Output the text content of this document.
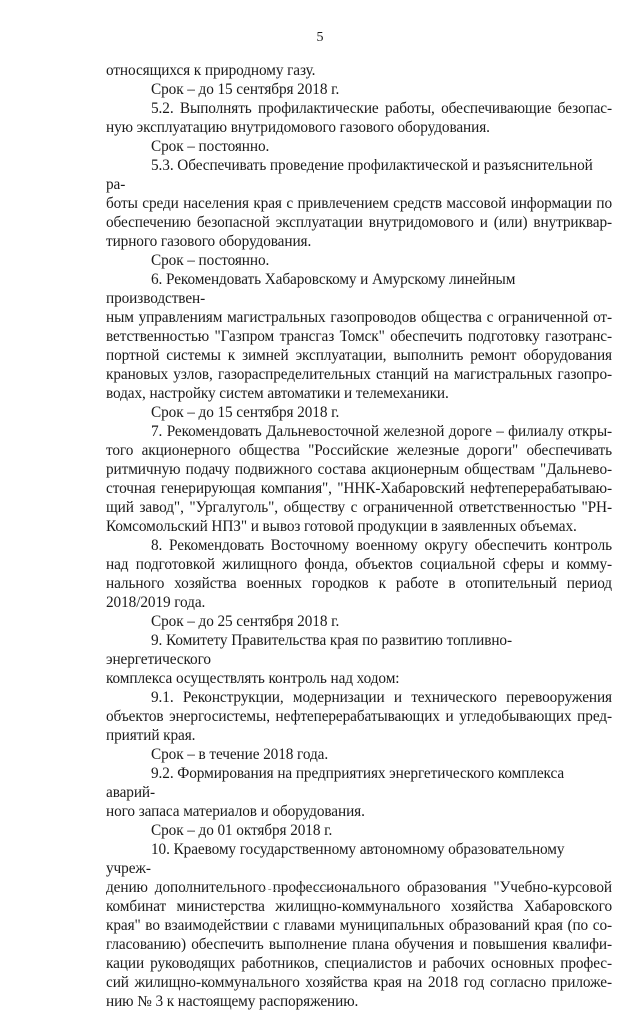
5

относящихся к природному газу.

Срок – до 15 сентября 2018 г.

5.2. Выполнять профилактические работы, обеспечивающие безопас-
ную эксплуатацию внутридомового газового оборудования.

Срок – постоянно.

5.3. Обеспечивать проведение профилактической и разъяснительной ра-
боты среди населения края с привлечением средств массовой информации по
обеспечению безопасной эксплуатации внутридомового и (или) внутриквар-
тирного газового оборудования.

Срок – постоянно.

6. Рекомендовать Хабаровскому и Амурскому линейным производствен-
ным управлениям магистральных газопроводов общества с ограниченной от-
ветственностью "Газпром трансгаз Томск" обеспечить подготовку газотранс-
портной системы к зимней эксплуатации, выполнить ремонт оборудования
крановых узлов, газораспределительных станций на магистральных газопро-
водах, настройку систем автоматики и телемеханики.

Срок – до 15 сентября 2018 г.

7. Рекомендовать Дальневосточной железной дороге – филиалу откры-
того акционерного общества "Российские железные дороги" обеспечивать
ритмичную подачу подвижного состава акционерным обществам "Дальнево-
сточная генерирующая компания", "ННК-Хабаровский нефтеперерабатываю-
щий завод", "Ургалуголь", обществу с ограниченной ответственностью "РН-
Комсомольский НПЗ" и вывоз готовой продукции в заявленных объемах.

8. Рекомендовать Восточному военному округу обеспечить контроль
над подготовкой жилищного фонда, объектов социальной сферы и комму-
нального хозяйства военных городков к работе в отопительный период
2018/2019 года.

Срок – до 25 сентября 2018 г.

9. Комитету Правительства края по развитию топливно-энергетического
комплекса осуществлять контроль над ходом:

9.1. Реконструкции, модернизации и технического перевооружения
объектов энергосистемы, нефтеперерабатывающих и угледобывающих пред-
приятий края.

Срок – в течение 2018 года.

9.2. Формирования на предприятиях энергетического комплекса аварий-
ного запаса материалов и оборудования.

Срок – до 01 октября 2018 г.

10. Краевому государственному автономному образовательному учреж-
дению дополнительного профессионального образования "Учебно-курсовой
комбинат министерства жилищно-коммунального хозяйства Хабаровского
края" во взаимодействии с главами муниципальных образований края (по со-
гласованию) обеспечить выполнение плана обучения и повышения квалифи-
кации руководящих работников, специалистов и рабочих основных профес-
сий жилищно-коммунального хозяйства края на 2018 год согласно приложе-
нию № 3 к настоящему распоряжению.
